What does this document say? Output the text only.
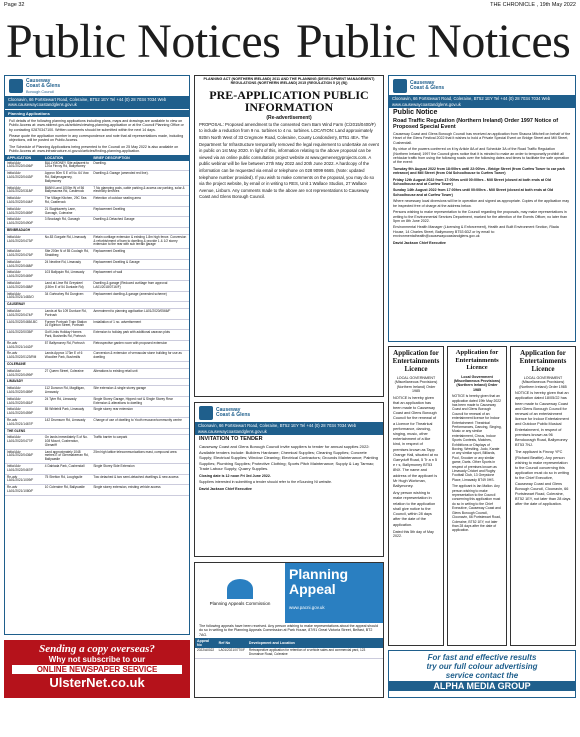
Page 32	THE CHRONICLE , 19th May 2022
Public Notices Public Notices
Causeway
Coast & Glens
Borough Council
Cloonavin, 66 Portstewart Road, Coleraine, BT52 1EY Tel +44 (0) 28 7034 7034 Web www.causewaycoastandglens.gov.uk
Planning Applications
Full details of the following planning applications including plans, maps and drawings are available to view on Public Access at: www.nidirect.gov.uk/articles/viewing-planning-application or at the Council Planning Office or by contacting 02870347100. Written comments should be submitted within the next 14 days.
Please quote the application number in any correspondence and note that all representations made, including objections, will be posted on Public Access.
The Schedule of Planning Applications being presented to the Council on 25 May 2022 is also available on Public Access at: www.infrastructure-ni.gov.uk/articles/finding-planning-application.
APPLICATION	LOCATION	BRIEF DESCRIPTION
Initial Adv LA01/2022/0406/F	BALLYMONEY Site adjacent to 120a Finvoy Rd, Ballymoney	Dwelling.
Initial Adv LA01/2022/0443/F	Approx 50m S E of No. 64 Vow Rd, Ballymagarney, Ballymoney	Dwelling & Garage (amended red line).
Initial Adv LA01/2022/0318/F	BANN Land 1000m W of 56 Ballymacrea Rd, Castlerock	7 No glamping pods, cable parking & access car parking, solar & electricity services
Initial Adv LA01/2022/0444/F	The Village Kitchen, 29C Sea Rd, Castlerock	Retention of outdoor seating area
Initial Adv LA01/2022/0469/F	21 Slaghtaverty Lane, Garvagh, Coleraine	Replacement Dwelling
Initial Adv LA01/2022/0490/F	3 Brockagh Rd, Garvagh	Dwelling & Detached Garage
BENBRADAGH		
Initial Adv LA01/2022/0473/F	No.83 Gorgate Rd, Limavady	Retain curtilage extension & existing 1.8m high fence. Conversion & refurbishment of barn to dwelling & provide 1 & 1/2 storey extension to the rear with sub terrain garage
Initial Adv LA01/2022/0476/F	Site 200m N of 55 Coolagh Rd, Straidbeg	Replacement Dwelling
Initial Adv LA01/2022/0468/F	24 Newline Rd, Limavady	Replacement Dwelling & Garage
Initial Adv LA01/2022/0469/F	103 Ballyquin Rd, Limavady	Replacement of wall
Initial Adv LA01/2022/0488/F	Land at Lime Rd Greysteel (150m E of 54 Dunlade Rd)	Dwelling & garage (Reduced curtilage from approval LA01/2018/0716/F)
Initial Adv LA01/2021/1483/O	34 Gortnahey Rd Dungiven	Replacement dwelling & garage (amended scheme)
CAUSEWAY		
Initial Adv LA01/2022/0474/F	Lands at No 109 Dunluce Rd, Portrush	Amendment to planning application LA01/2020/0566/F
LA01/2022/0465/LBC	Former Portrush Train Station 16 Eglinton Street, Portrush	Installation of 1 no. advertisement
LA01/2022/0035/F	Golf Links Holiday Homes Park, Bushmills Rd, Portrush	Extension to holiday park with additional caravan plots
Re-adv LA01/2021/1442/F	57 Ballymoney Rd, Portrush	Retrospective garden room with proposed extension
Re-adv LA01/2022/0123/RM	Lands Approx 173m E of 6 Woodlee Park, Bushmills	Conversion & extension of vernacular stone building for use as dwelling
COLERAINE		
Initial Adv LA01/2022/0499/F	27 Queen Street, Coleraine	Alterations to existing retail unit
LIMAVADY		
Initial Adv LA01/2022/0489/F	112 Duncrun Rd, Magilligan, Limavady	Site extension & single storey garage
Initial Adv LA01/2022/0481/F	24 Tyler Rd, Limavady	Single Storey Garage, Hipped roof & Single Storey Rear Extension & alterations to dwelling
Initial Adv LA01/2022/0459/F	55 Whitehill Park, Limavady	Single storey rear extension
Re-adv LA01/2021/1467/F	142 Drumsurn Rd, Limavady	Change of use of dwelling to Youth resource/community centre
THE GLENS		
Initial Adv LA01/2022/0477/F	On lands immediately S of No. 108 Mount, Cushendun, Glenariff	Traffic barrier to carpark
Initial Adv LA01/2022/0436/F	Land approximately 1048 metres E of Glenmakeeran Rd, Ballycastle	25m high lattice telecommunications mast, compound area
Initial Adv LA01/2022/0467/F	4 Dalriada Park, Cushendall	Single Storey Side Extension
Re-adv LA01/2021/1009/F	75 Shelton Rd, Loughguile	Two detached & two semi-detached dwellings & new access
Re-adv LA01/2021/1080/F	10 Coleraine Rd, Ballycastle	Single storey extension, existing vehicle access
Sending a copy overseas?
Why not subscribe to our
ONLINE NEWSPAPER SERVICE
UlsterNet.co.uk
PLANNING ACT (NORTHERN IRELAND) 2011 AND THE PLANNING (DEVELOPMENT MANAGEMENT) REGULATIONS (NORTHERN IRELAND) 2015 (REGULATION 5 (2) (B))
PRE-APPLICATION PUBLIC INFORMATION
(Re-advertisement)
PROPOSAL: Proposed amendment to the consented Gem Barn Wind Farm (C/2015/0400/F) to include a reduction from 9 no. turbines to 4 no. turbines. LOCATION: Land approximately 920m North West of 33 Cregmore Road, Coleraine, County Londonderry, BT51 4EA. The Department for Infrastructure temporarily removed the legal requirement to undertake an event in public on 1st May 2020. In light of this, information relating to the above proposal can be viewed via an online public consultation project website at www.gemenergyprojects.com. A public webinar will be live between 27th May 2022 and 20th June 2022. A hardcopy of the information can be requested via email or telephone on 028 9099 6665. (Note: updated telephone number provided). If you wish to make comments on the proposal, you may do so via the project website, by email or in writing to RES, Unit 1 Wallace Studios, 27 Wallace Avenue, Lisburn. Any comments made to the above are not representations to Causeway Coast and Glens Borough Council.
Causeway
Coast & Glens
Cloonavin, 66 Portstewart Road, Coleraine, BT52 1EY Tel +44 (0) 28 7034 7034 Web www.causewaycoastandglens.gov.uk
INVITATION TO TENDER
Causeway Coast and Glens Borough Council invite suppliers to tender for annual supplies 2022: Available tenders include: Builders Hardware; Chemical Supplies; Cleaning Supplies; Concrete Supply; Electrical Supplies; Window Cleaning; Electrical Contractors; Grounds Maintenance; Painting Supplies; Plumbing Supplies; Protective Clothing; Sports Pitch Maintenance; Supply & Lay Tarmac; Trade Labour Supply; Quarry Supplies.
Closing date is 12 noon Fri 3rd June 2022.
Suppliers interested in submitting a tender should refer to the eSourcing NI website.
David Jackson Chief Executive
Planning Appeals Commission
Planning
Appeal
www.pacni.gov.uk
The following appeals have been received. Any person wishing to make representations about the appeal should do so in writing to the Planning Appeals Commission at Park House, 87/91 Great Victoria Street, Belfast, BT2 7AG.
Appeal No	Ref No	Development and Location
2022/A0022	LA01/2021/0770/F	Retrospective application for retention of a vehicle sales and commercial yard, 123 Drumahoe Road, Coleraine
Causeway
Coast & Glens
Cloonavin, 66 Portstewart Road, Coleraine, BT52 1EY Tel +44 (0) 28 7034 7034 Web www.causewaycoastandglens.gov.uk
Public Notice
Road Traffic Regulation (Northern Ireland) Order 1997 Notice of Proposed Special Event
Causeway Coast and Glens Borough Council has received an application from Shauna Mitchell on behalf of the Heart of the Glens Festival 2022 that it wishes to hold a Private Special Event on Bridge Street and Mill Street, Cushendall.
By virtue of the powers conferred on it by Article 8A of and Schedule 3A of the Road Traffic Regulation (Northern Ireland) 1997 the Council gives notice that it is minded to make an order to temporarily prohibit all vehicular traffic from using the following roads over the following dates and times to facilitate the safe operation of the event:
Tuesday 9th August 2022 from 18:00hrs until 22:00hrs - Bridge Street (from Curfew Tower to car park entrance) and Mill Street (from Old Schoolhouse to Curfew Tower)
Friday 12th August 2022 from 17:00hrs until 00:00hrs - Mill Street (closed at both ends at Old Schoolhouse and at Curfew Tower)
Sunday 14th August 2022 from 17:00hrs until 00:00hrs - Mill Street (closed at both ends at Old Schoolhouse and at Curfew Tower)
Where necessary local diversions will be in operation and signed as appropriate. Copies of the application may be inspected free of charge at the address below.
Persons wishing to make representation to the Council regarding the proposals, may make representations in writing to the Environmental Services Department, marked for the attention of the Events Officer, no later than 5pm on 8th June 2022.
Environmental Health Manager (Licensing & Enforcement), Health and Built Environment Section, Riada House, 14 Charles Street, Ballymoney BT53 6DZ or by email to: environmentalhealth@causewaycoastandglens.gov.uk
David Jackson Chief Executive
Application for Entertainments Licence
LOCAL GOVERNMENT (Miscellaneous Provisions) (Northern Ireland) Order 1985
NOTICE is hereby given that an application has been made to Causeway Coast and Glens Borough Council for the renewal of a Licence for Theatrical performance, dancing, singing, music, other entertainment of a like kind, in respect of premises known as Tapp Orange Hall, situated at no Garryduff Road, 5 Tr a n 5 e r s, Ballymoney BT53 8NX. The name and address of the applicant is Mr Hugh Workman, Ballymoney.
Any person wishing to make representation in relation to the application shall give notice to the Council, within 28 days after the date of the application.
Dated this 5th day of May 2022.
Application for Entertainments Licence
Local Government (Miscellaneous Provisions) (Northern Ireland) Order 1985
NOTICE is hereby given that an application dated 19th May 2022 has been made to Causeway Coast and Glens Borough Council for renewal of an entertainment licence for Indoor Entertainment: Theatrical Performances, Dancing, Singing, Music or any similar entertainment, Circus, Indoor Sports Contests, Matches, Exhibitions or Displays of Boxing, Wrestling, Judo, Karate or any similar sport, Billiards, Pool, Snooker or any similar game, Darts. Other Sports in respect of premises known as Limavady Cricket and Rugby Football Club, 13 Greystone Place, Limavady BT49 0HS.
The applicant is Ian Mallon. Any person wishing to make representation to the Council concerning this application must do so in writing to the Chief Executive, Causeway Coast and Glens Borough Council, Cloonavin, 66 Portstewart Road, Coleraine, BT52 1EY, not later than 28 days after the date of application.
Application for Entertainments Licence
LOCAL GOVERNMENT (Miscellaneous Provisions) (Northern Ireland) Order 1985
NOTICE is hereby given that an application dated 18/05/22 has been made to Causeway Coast and Glens Borough Council for renewal of an entertainment licence for Indoor Entertainment and Outdoor Public Musical Entertainment, in respect of premises known as 96 Bendooragh Road, Ballymoney BT53 7NJ.
The applicant is Finvoy YFC (Richard Beattie). Any person wishing to make representation to the Council concerning this application must do so in writing to the Chief Executive, Causeway Coast and Glens Borough Council, Cloonavin, 66 Portstewart Road, Coleraine, BT52 1EY, not later than 28 days after the date of application.
For fast and effective results
try our full colour advertising
service contact the
ALPHA MEDIA GROUP
